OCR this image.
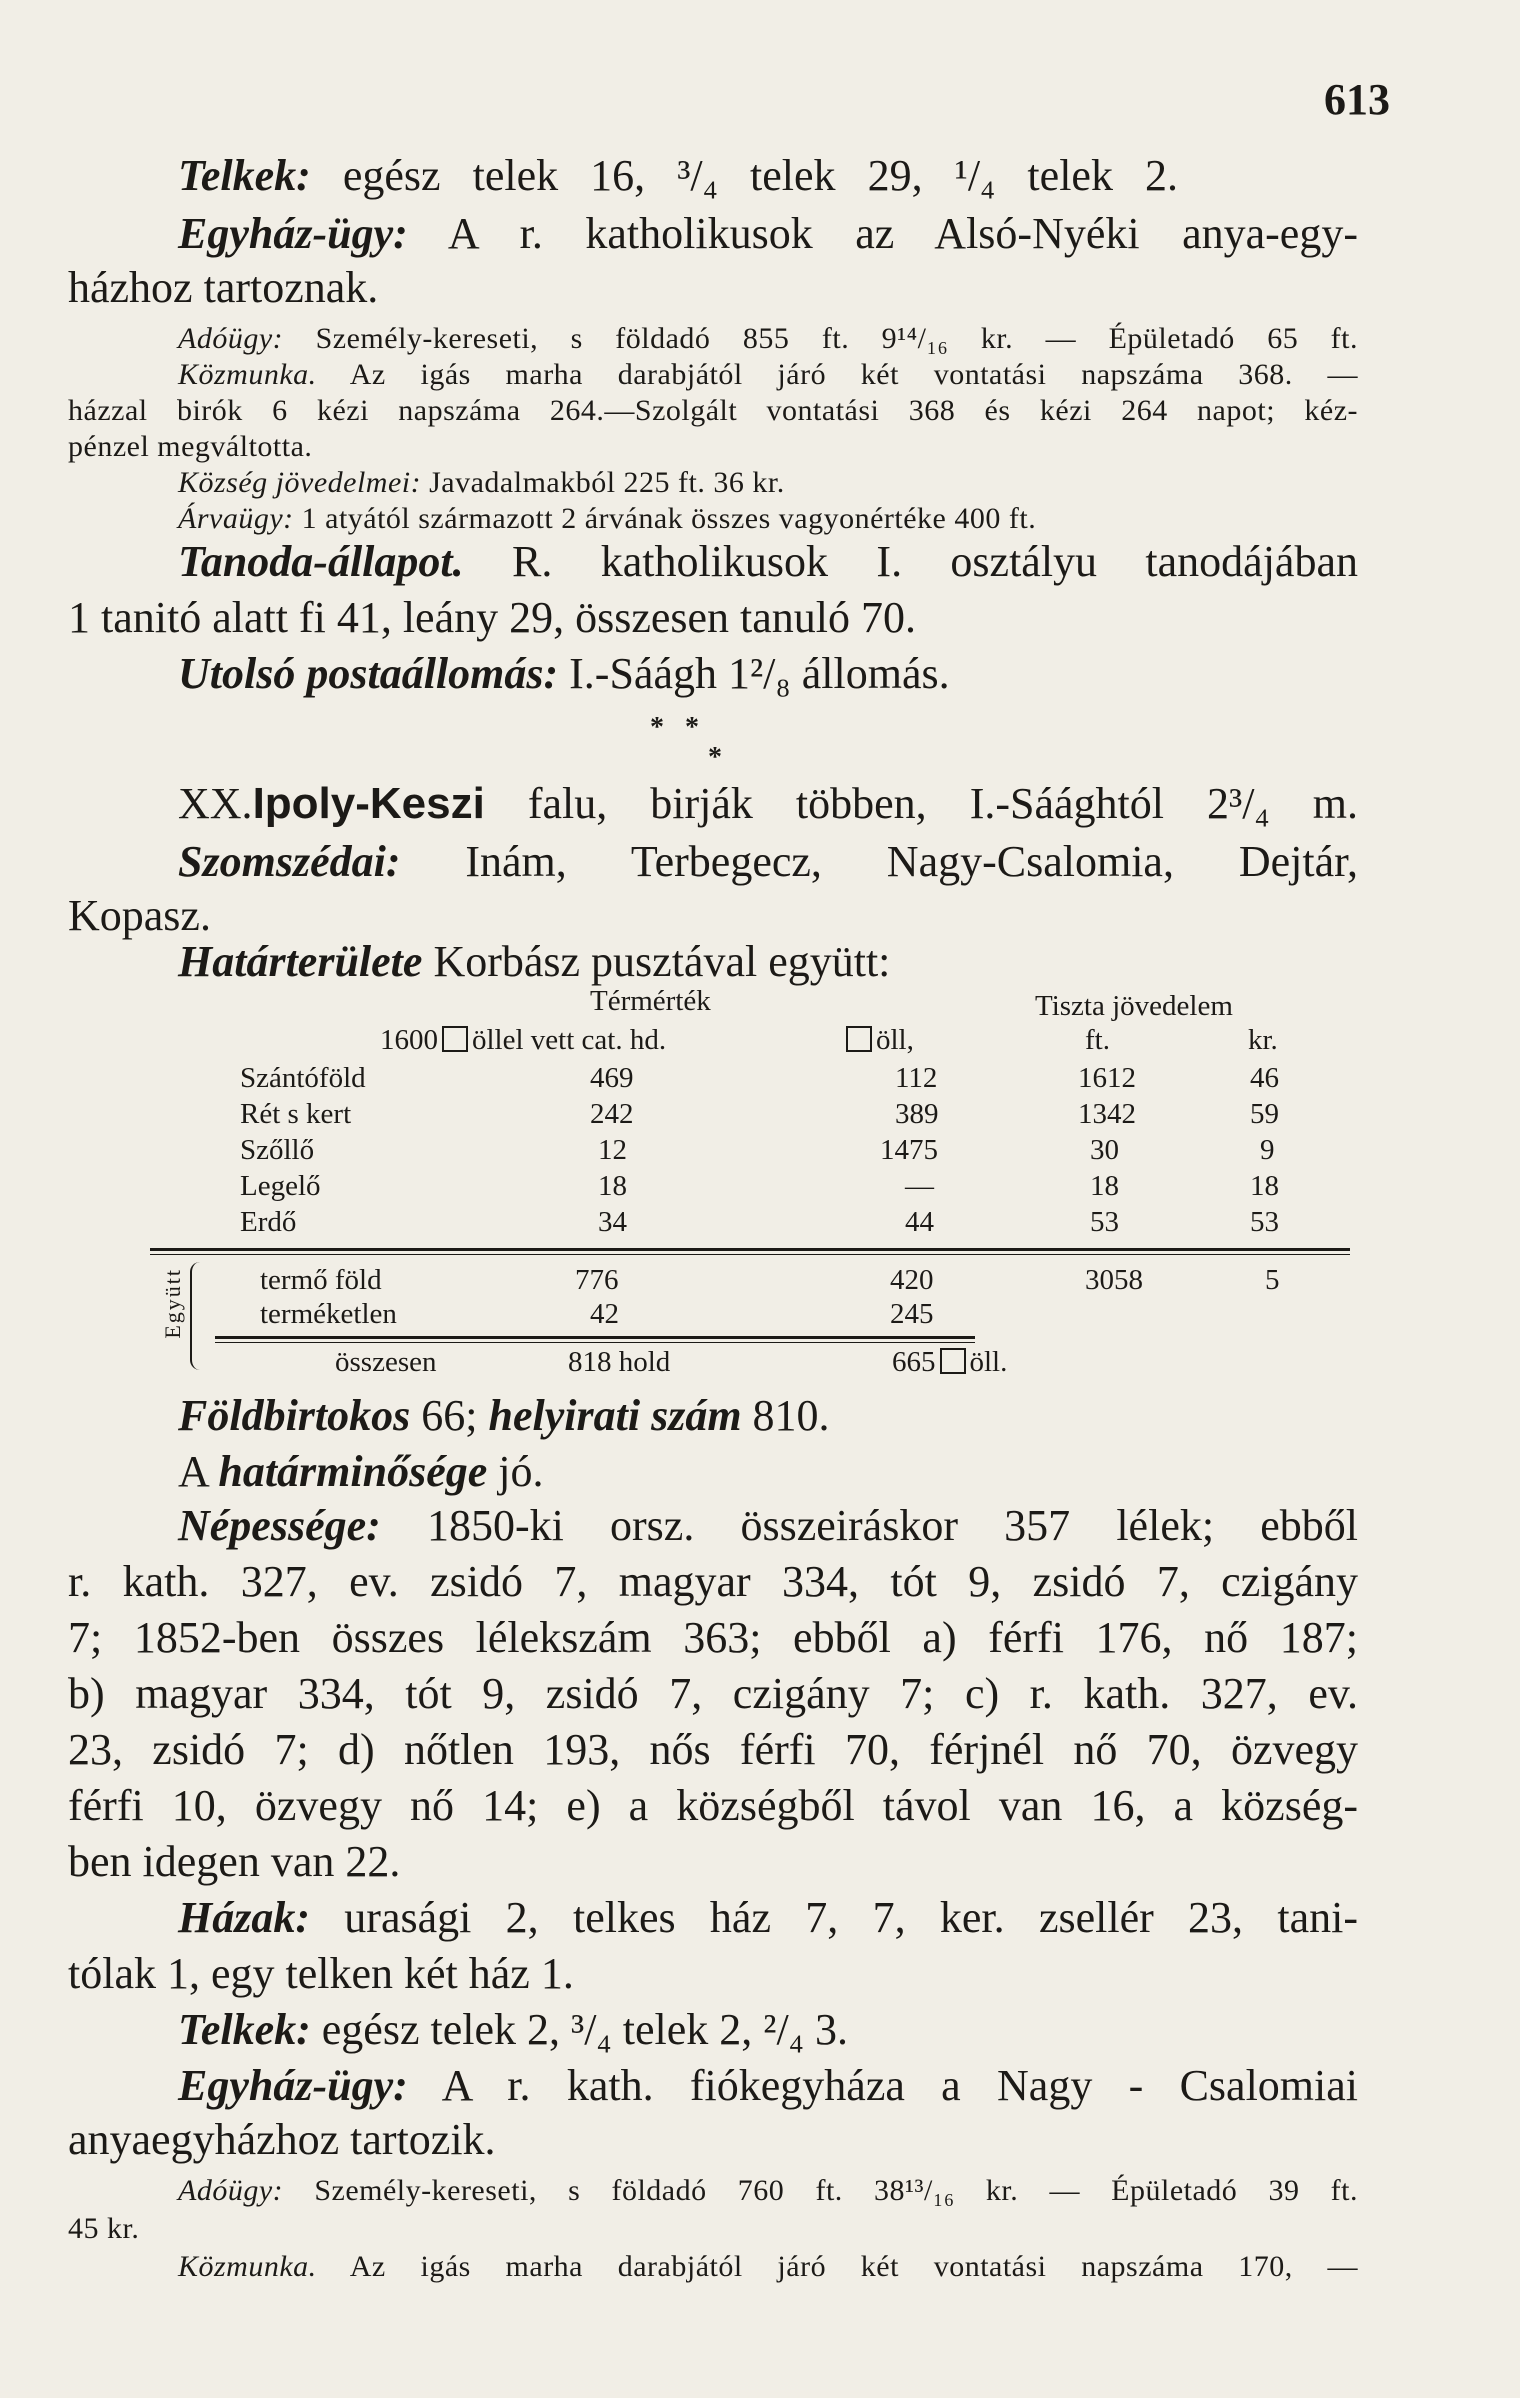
613
Telkek: egész telek 16, ³/₄ telek 29, ¹/₄ telek 2.
Egyház-ügy: A r. katholikusok az Alsó-Nyéki anya-egy-
házhoz tartoznak.
Adóügy: Személy-kereseti, s földadó 855 ft. 9¹⁴/₁₆ kr. — Épületadó 65 ft.
Közmunka. Az igás marha darabjától járó két vontatási napszáma 368. —
házzal birók 6 kézi napszáma 264.—Szolgált vontatási 368 és kézi 264 napot; kéz-
pénzel megváltotta.
Község jövedelmei: Javadalmakból 225 ft. 36 kr.
Árvaügy: 1 atyától származott 2 árvának összes vagyonértéke 400 ft.
Tanoda-állapot. R. katholikusok I. osztályu tanodájában
1 tanitó alatt fi 41, leány 29, összesen tanuló 70.
Utolsó postaállomás: I.-Sáágh 1²/₈ állomás.
*   *
*
XX.Ipoly-Keszi falu, birják többen, I.-Sáághtól 2³/₄ m.
Szomszédai: Inám, Terbegecz, Nagy-Csalomia, Dejtár,
Kopasz.
Határterülete Korbász pusztával együtt:
Térmérték	Tiszta jövedelem
1600 öllel vett cat. hd.	öll,	ft.	kr.
Szántóföld	469	112	1612	46
Rét s kert	242	389	1342	59
Szőllő	12	1475	30	9
Legelő	18	—	18	18
Erdő	34	44	53	53
Együtt	termő föld	776	420	3058	5
terméketlen	42	245
összesen	818 hold	665 öll.
Földbirtokos 66; helyirati szám 810.
A határminősége jó.
Népessége: 1850-ki orsz. összeiráskor 357 lélek; ebből
r. kath. 327, ev. zsidó 7, magyar 334, tót 9, zsidó 7, czigány
7; 1852-ben összes lélekszám 363; ebből a) férfi 176, nő 187;
b) magyar 334, tót 9, zsidó 7, czigány 7; c) r. kath. 327, ev.
23, zsidó 7; d) nőtlen 193, nős férfi 70, férjnél nő 70, özvegy
férfi 10, özvegy nő 14; e) a községből távol van 16, a község-
ben idegen van 22.
Házak: urasági 2, telkes ház 7, 7, ker. zsellér 23, tani-
tólak 1, egy telken két ház 1.
Telkek: egész telek 2, ³/₄ telek 2, ²/₄ 3.
Egyház-ügy: A r. kath. fiókegyháza a Nagy - Csalomiai
anyaegyházhoz tartozik.
Adóügy: Személy-kereseti, s földadó 760 ft. 38¹³/₁₆ kr. — Épületadó 39 ft.
45 kr.
Közmunka. Az igás marha darabjától járó két vontatási napszáma 170, —
